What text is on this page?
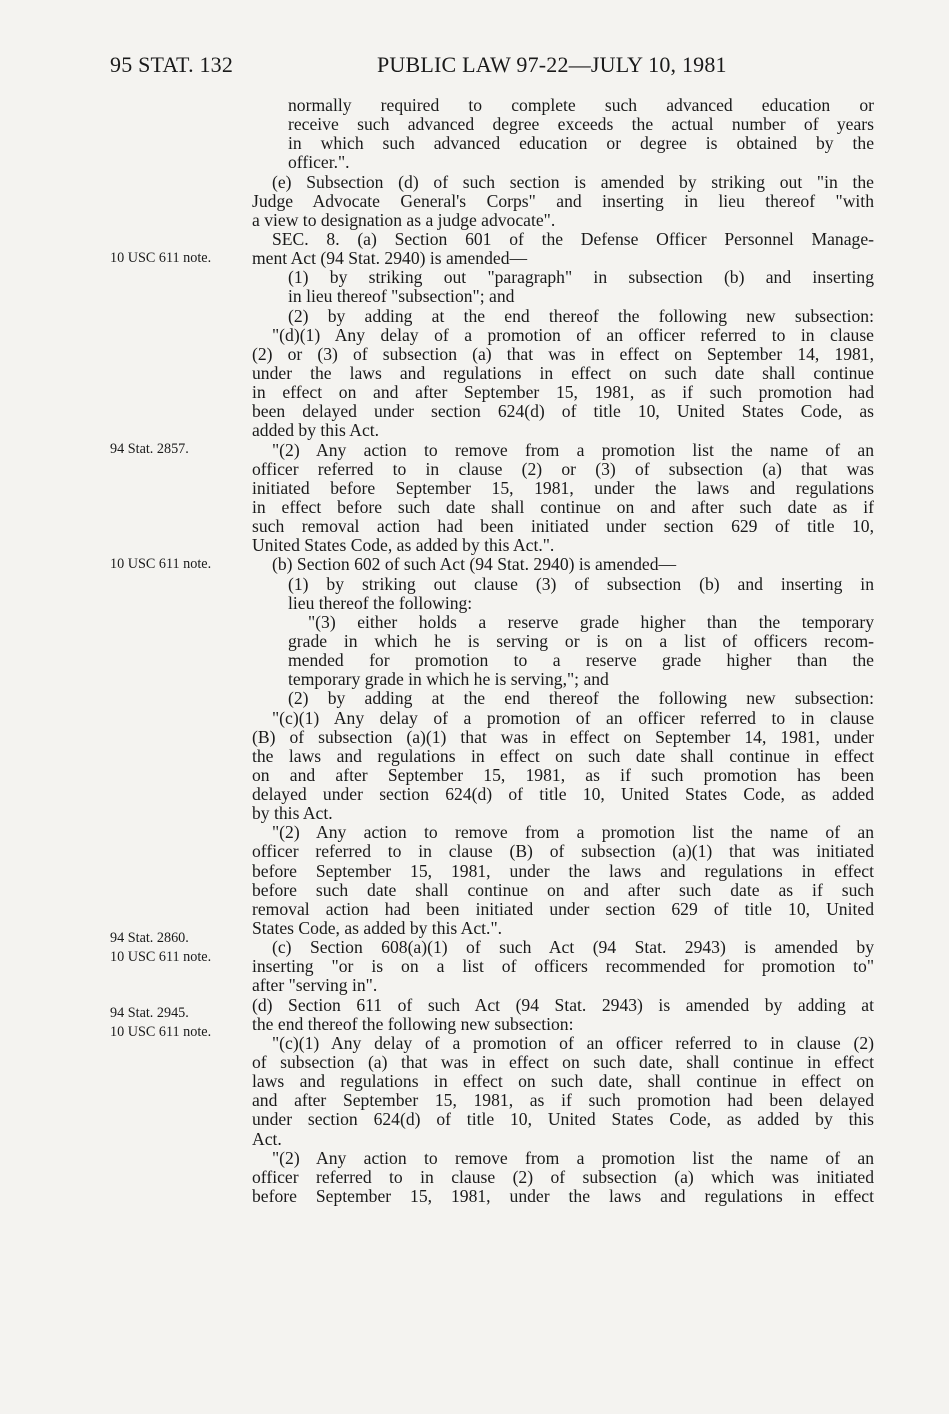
95 STAT. 132	PUBLIC LAW 97-22—JULY 10, 1981
10 USC 611 note.
94 Stat. 2857.
10 USC 611 note.
94 Stat. 2860.
10 USC 611 note.
94 Stat. 2945.
10 USC 611 note.
normally required to complete such advanced education or
receive such advanced degree exceeds the actual number of years
in which such advanced education or degree is obtained by the
officer.".
(e) Subsection (d) of such section is amended by striking out "in the
Judge Advocate General's Corps" and inserting in lieu thereof "with
a view to designation as a judge advocate".
SEC. 8. (a) Section 601 of the Defense Officer Personnel Manage-
ment Act (94 Stat. 2940) is amended—
(1) by striking out "paragraph" in subsection (b) and inserting
in lieu thereof "subsection"; and
(2) by adding at the end thereof the following new subsection:
"(d)(1) Any delay of a promotion of an officer referred to in clause
(2) or (3) of subsection (a) that was in effect on September 14, 1981,
under the laws and regulations in effect on such date shall continue
in effect on and after September 15, 1981, as if such promotion had
been delayed under section 624(d) of title 10, United States Code, as
added by this Act.
"(2) Any action to remove from a promotion list the name of an
officer referred to in clause (2) or (3) of subsection (a) that was
initiated before September 15, 1981, under the laws and regulations
in effect before such date shall continue on and after such date as if
such removal action had been initiated under section 629 of title 10,
United States Code, as added by this Act.".
(b) Section 602 of such Act (94 Stat. 2940) is amended—
(1) by striking out clause (3) of subsection (b) and inserting in
lieu thereof the following:
"(3) either holds a reserve grade higher than the temporary
grade in which he is serving or is on a list of officers recom-
mended for promotion to a reserve grade higher than the
temporary grade in which he is serving,"; and
(2) by adding at the end thereof the following new subsection:
"(c)(1) Any delay of a promotion of an officer referred to in clause
(B) of subsection (a)(1) that was in effect on September 14, 1981, under
the laws and regulations in effect on such date shall continue in effect
on and after September 15, 1981, as if such promotion has been
delayed under section 624(d) of title 10, United States Code, as added
by this Act.
"(2) Any action to remove from a promotion list the name of an
officer referred to in clause (B) of subsection (a)(1) that was initiated
before September 15, 1981, under the laws and regulations in effect
before such date shall continue on and after such date as if such
removal action had been initiated under section 629 of title 10, United
States Code, as added by this Act.".
(c) Section 608(a)(1) of such Act (94 Stat. 2943) is amended by
inserting "or is on a list of officers recommended for promotion to"
after "serving in".
(d) Section 611 of such Act (94 Stat. 2943) is amended by adding at
the end thereof the following new subsection:
"(c)(1) Any delay of a promotion of an officer referred to in clause (2)
of subsection (a) that was in effect on such date, shall continue in effect
laws and regulations in effect on such date, shall continue in effect on
and after September 15, 1981, as if such promotion had been delayed
under section 624(d) of title 10, United States Code, as added by this
Act.
"(2) Any action to remove from a promotion list the name of an
officer referred to in clause (2) of subsection (a) which was initiated
before September 15, 1981, under the laws and regulations in effect
